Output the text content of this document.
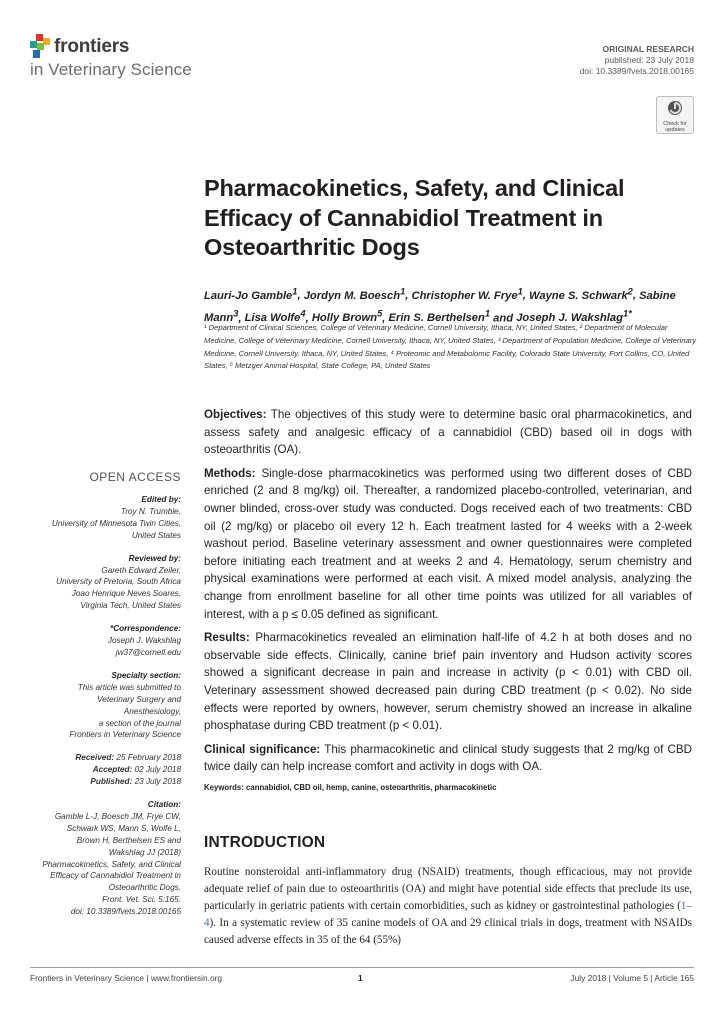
frontiers
in Veterinary Science
ORIGINAL RESEARCH
published: 23 July 2018
doi: 10.3389/fvets.2018.00165
Check for updates
Pharmacokinetics, Safety, and Clinical Efficacy of Cannabidiol Treatment in Osteoarthritic Dogs
Lauri-Jo Gamble$^1$, Jordyn M. Boesch$^1$, Christopher W. Frye$^1$, Wayne S. Schwark$^2$, Sabine Mann$^3$, Lisa Wolfe$^4$, Holly Brown$^5$, Erin S. Berthelsen$^1$ and Joseph J. Wakshlag$^{1*}$
¹ Department of Clinical Sciences, College of Veterinary Medicine, Cornell University, Ithaca, NY, United States, ² Department of Molecular Medicine, College of Veterinary Medicine, Cornell University, Ithaca, NY, United States, ³ Department of Population Medicine, College of Veterinary Medicine, Cornell University, Ithaca, NY, United States, ⁴ Proteomic and Metabolomic Facility, Colorado State University, Fort Collins, CO, United States, ⁵ Metzger Animal Hospital, State College, PA, United States

Objectives: The objectives of this study were to determine basic oral pharmacokinetics, and assess safety and analgesic efficacy of a cannabidiol (CBD) based oil in dogs with osteoarthritis (OA).

Methods: Single-dose pharmacokinetics was performed using two different doses of CBD enriched (2 and 8 mg/kg) oil. Thereafter, a randomized placebo-controlled, veterinarian, and owner blinded, cross-over study was conducted. Dogs received each of two treatments: CBD oil (2 mg/kg) or placebo oil every 12 h. Each treatment lasted for 4 weeks with a 2-week washout period. Baseline veterinary assessment and owner questionnaires were completed before initiating each treatment and at weeks 2 and 4. Hematology, serum chemistry and physical examinations were performed at each visit. A mixed model analysis, analyzing the change from enrollment baseline for all other time points was utilized for all variables of interest, with a p ≤ 0.05 defined as significant.

Results: Pharmacokinetics revealed an elimination half-life of 4.2 h at both doses and no observable side effects. Clinically, canine brief pain inventory and Hudson activity scores showed a significant decrease in pain and increase in activity (p < 0.01) with CBD oil. Veterinary assessment showed decreased pain during CBD treatment (p < 0.02). No side effects were reported by owners, however, serum chemistry showed an increase in alkaline phosphatase during CBD treatment (p < 0.01).

Clinical significance: This pharmacokinetic and clinical study suggests that 2 mg/kg of CBD twice daily can help increase comfort and activity in dogs with OA.

Keywords: cannabidiol, CBD oil, hemp, canine, osteoarthritis, pharmacokinetic

OPEN ACCESS
Edited by:
Troy N. Trumble,
University of Minnesota Twin Cities,
United States
Reviewed by:
Gareth Edward Zeiler,
University of Pretoria, South Africa
Joao Henrique Neves Soares,
Virginia Tech, United States
*Correspondence:
Joseph J. Wakshlag
jw37@cornell.edu
Specialty section:
This article was submitted to
Veterinary Surgery and
Anesthesiology,
a section of the journal
Frontiers in Veterinary Science
Received: 25 February 2018
Accepted: 02 July 2018
Published: 23 July 2018
Citation:
Gamble L-J, Boesch JM, Frye CW,
Schwark WS, Mann S, Wolfe L,
Brown H, Berthelsen ES and
Wakshlag JJ (2018)
Pharmacokinetics, Safety, and Clinical
Efficacy of Cannabidiol Treatment in
Osteoarthritic Dogs.
Front. Vet. Sci. 5:165.
doi: 10.3389/fvets.2018.00165
INTRODUCTION
Routine nonsteroidal anti-inflammatory drug (NSAID) treatments, though efficacious, may not provide adequate relief of pain due to osteoarthritis (OA) and might have potential side effects that preclude its use, particularly in geriatric patients with certain comorbidities, such as kidney or gastrointestinal pathologies (1–4). In a systematic review of 35 canine models of OA and 29 clinical trials in dogs, treatment with NSAIDs caused adverse effects in 35 of the 64 (55%)
Frontiers in Veterinary Science | www.frontiersin.org	1	July 2018 | Volume 5 | Article 165
